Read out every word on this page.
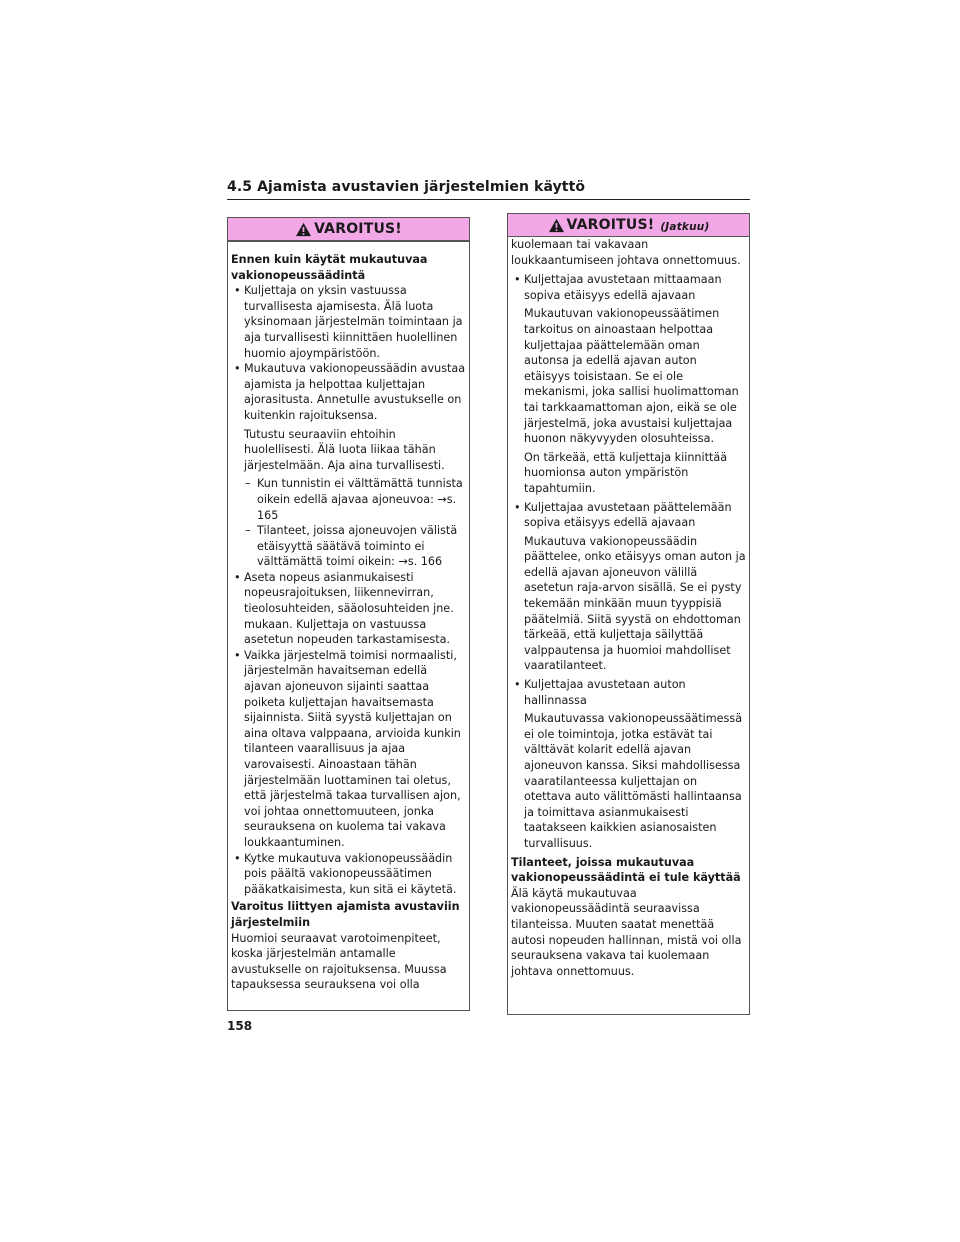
4.5 Ajamista avustavien järjestelmien käyttö
VAROITUS!
Ennen kuin käytät mukautuvaa vakionopeussäädintä
• Kuljettaja on yksin vastuussa turvallisesta ajamisesta. Älä luota yksinomaan järjestelmän toimintaan ja aja turvallisesti kiinnittäen huolellinen huomio ajoympäristöön.
• Mukautuva vakionopeussäädin avustaa ajamista ja helpottaa kuljettajan ajorasitusta. Annetulle avustukselle on kuitenkin rajoituksensa.
Tutustu seuraaviin ehtoihin huolellisesti. Älä luota liikaa tähän järjestelmään. Aja aina turvallisesti.
– Kun tunnistin ei välttämättä tunnista oikein edellä ajavaa ajoneuvoa: →s. 165
– Tilanteet, joissa ajoneuvojen välistä etäisyyttä säätävä toiminto ei välttämättä toimi oikein: →s. 166
• Aseta nopeus asianmukaisesti nopeusrajoituksen, liikennevirran, tieolosuhteiden, sääolosuhteiden jne. mukaan. Kuljettaja on vastuussa asetetun nopeuden tarkastamisesta.
• Vaikka järjestelmä toimisi normaalisti, järjestelmän havaitseman edellä ajavan ajoneuvon sijainti saattaa poiketa kuljettajan havaitsemasta sijainnista. Siitä syystä kuljettajan on aina oltava valppaana, arvioida kunkin tilanteen vaarallisuus ja ajaa varovaisesti. Ainoastaan tähän järjestelmään luottaminen tai oletus, että järjestelmä takaa turvallisen ajon, voi johtaa onnettomuuteen, jonka seurauksena on kuolema tai vakava loukkaantuminen.
• Kytke mukautuva vakionopeussäädin pois päältä vakionopeussäätimen pääkatkaisimesta, kun sitä ei käytetä.
Varoitus liittyen ajamista avustaviin järjestelmiin
Huomioi seuraavat varotoimenpiteet, koska järjestelmän antamalle avustukselle on rajoituksensa. Muussa tapauksessa seurauksena voi olla
VAROITUS! (Jatkuu)
kuolemaan tai vakavaan loukkaantumiseen johtava onnettomuus.
• Kuljettajaa avustetaan mittaamaan sopiva etäisyys edellä ajavaan
Mukautuvan vakionopeussäätimen tarkoitus on ainoastaan helpottaa kuljettajaa päättelemään oman autonsa ja edellä ajavan auton etäisyys toisistaan. Se ei ole mekanismi, joka sallisi huolimattoman tai tarkkaamattoman ajon, eikä se ole järjestelmä, joka avustaisi kuljettajaa huonon näkyvyyden olosuhteissa.
On tärkeää, että kuljettaja kiinnittää huomionsa auton ympäristön tapahtumiin.
• Kuljettajaa avustetaan päättelemään sopiva etäisyys edellä ajavaan
Mukautuva vakionopeussäädin päättelee, onko etäisyys oman auton ja edellä ajavan ajoneuvon välillä asetetun raja-arvon sisällä. Se ei pysty tekemään minkään muun tyyppisiä päätelmiä. Siitä syystä on ehdottoman tärkeää, että kuljettaja säilyttää valppautensa ja huomioi mahdolliset vaaratilanteet.
• Kuljettajaa avustetaan auton hallinnassa
Mukautuvassa vakionopeussäätimessä ei ole toimintoja, jotka estävät tai välttävät kolarit edellä ajavan ajoneuvon kanssa. Siksi mahdollisessa vaaratilanteessa kuljettajan on otettava auto välittömästi hallintaansa ja toimittava asianmukaisesti taatakseen kaikkien asianosaisten turvallisuus.
Tilanteet, joissa mukautuvaa vakionopeussäädintä ei tule käyttää
Älä käytä mukautuvaa vakionopeussäädintä seuraavissa tilanteissa. Muuten saatat menettää autosi nopeuden hallinnan, mistä voi olla seurauksena vakava tai kuolemaan johtava onnettomuus.
158
